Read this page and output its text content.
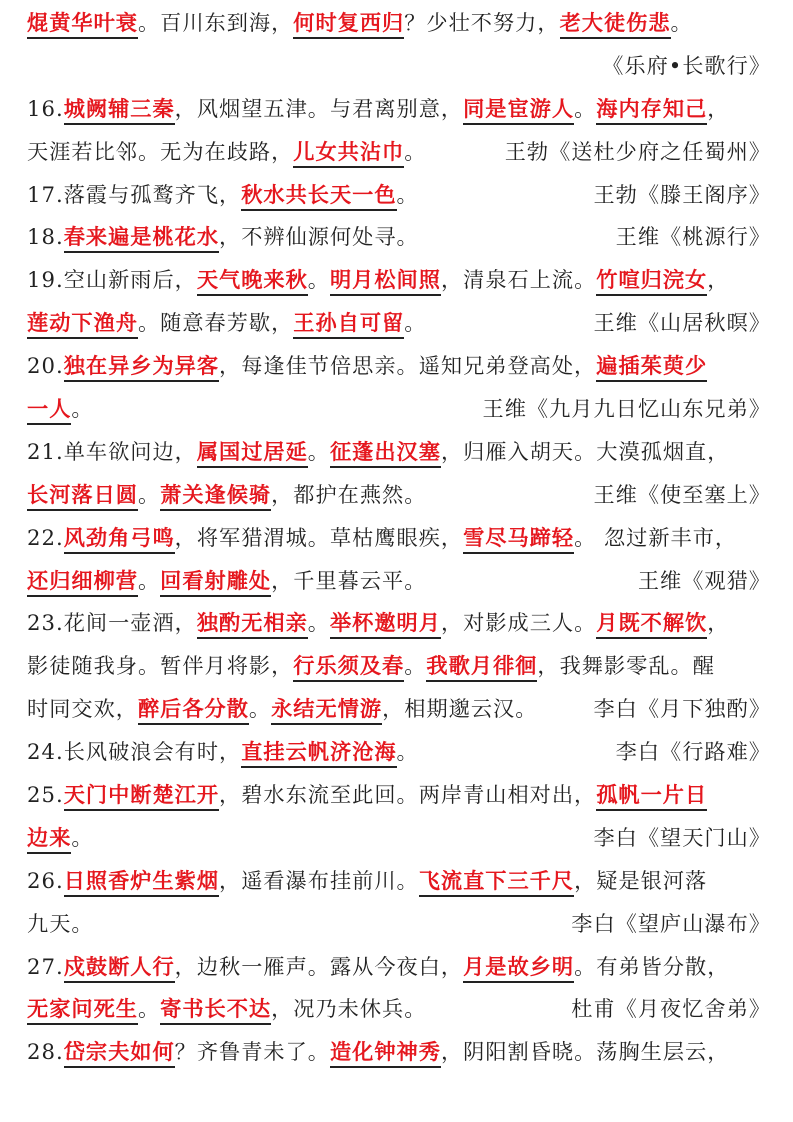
焜黄华叶衰。百川东到海，何时复西归？少壮不努力，老大徒伤悲。
《乐府•长歌行》
16.城阙辅三秦，风烟望五津。与君离别意，同是宦游人。海内存知己，
天涯若比邻。无为在歧路，儿女共沾巾。	王勃《送杜少府之任蜀州》
17.落霞与孤鹜齐飞，秋水共长天一色。	王勃《滕王阁序》
18.春来遍是桃花水，不辨仙源何处寻。	王维《桃源行》
19.空山新雨后，天气晚来秋。明月松间照，清泉石上流。竹喧归浣女，
莲动下渔舟。随意春芳歇，王孙自可留。	王维《山居秋暝》
20.独在异乡为异客，每逢佳节倍思亲。遥知兄弟登高处，遍插茱萸少
一人。	王维《九月九日忆山东兄弟》
21.单车欲问边，属国过居延。征蓬出汉塞，归雁入胡天。大漠孤烟直，
长河落日圆。萧关逢候骑，都护在燕然。	王维《使至塞上》
22.风劲角弓鸣，将军猎渭城。草枯鹰眼疾，雪尽马蹄轻。 忽过新丰市，
还归细柳营。回看射雕处，千里暮云平。	王维《观猎》
23.花间一壶酒，独酌无相亲。举杯邀明月，对影成三人。月既不解饮，
影徒随我身。暂伴月将影，行乐须及春。我歌月徘徊，我舞影零乱。醒
时同交欢，醉后各分散。永结无情游，相期邈云汉。	李白《月下独酌》
24.长风破浪会有时，直挂云帆济沧海。	李白《行路难》
25.天门中断楚江开，碧水东流至此回。两岸青山相对出，孤帆一片日
边来。	李白《望天门山》
26.日照香炉生紫烟，遥看瀑布挂前川。飞流直下三千尺，疑是银河落
九天。	李白《望庐山瀑布》
27.戍鼓断人行，边秋一雁声。露从今夜白，月是故乡明。有弟皆分散，
无家问死生。寄书长不达，况乃未休兵。	杜甫《月夜忆舍弟》
28.岱宗夫如何？齐鲁青未了。造化钟神秀，阴阳割昏晓。荡胸生层云，
